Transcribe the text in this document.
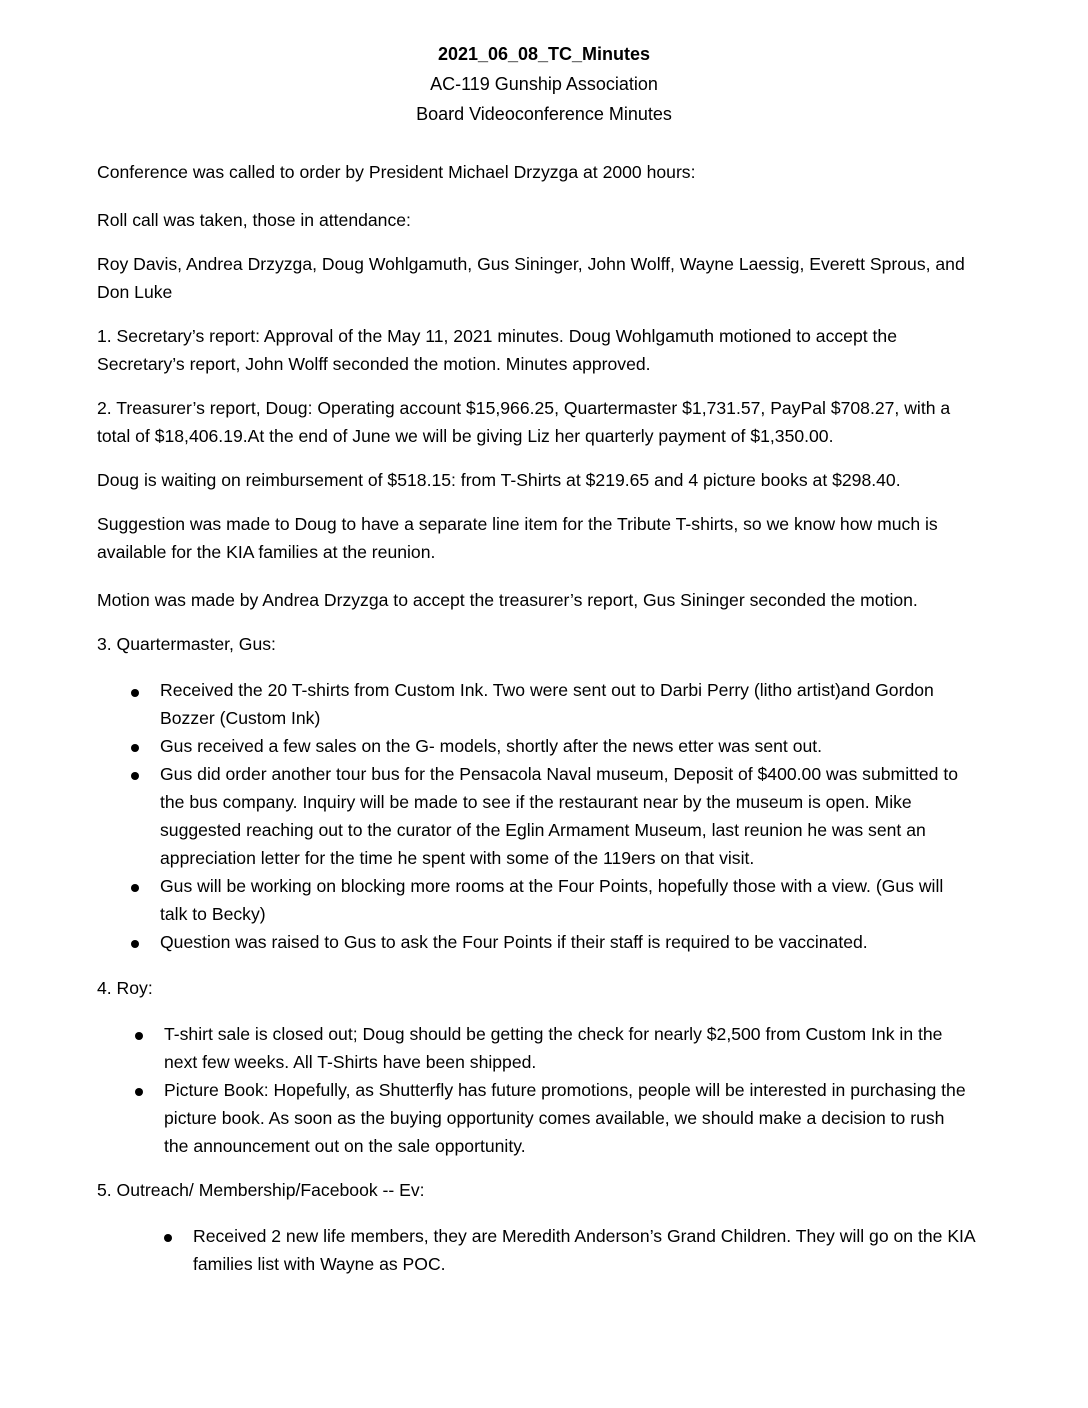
2021_06_08_TC_Minutes
AC-119 Gunship Association
Board Videoconference Minutes
Conference was called to order by President Michael Drzyzga at 2000 hours:
Roll call was taken, those in attendance:
Roy Davis, Andrea Drzyzga, Doug Wohlgamuth, Gus Sininger, John Wolff, Wayne Laessig, Everett Sprous, and
Don Luke
1. Secretary’s report: Approval of the May 11, 2021 minutes. Doug Wohlgamuth motioned to accept the
Secretary’s report, John Wolff seconded the motion. Minutes approved.
2. Treasurer’s report, Doug: Operating account $15,966.25, Quartermaster $1,731.57, PayPal $708.27, with a
total of $18,406.19.At the end of June we will be giving Liz her quarterly payment of $1,350.00.
Doug is waiting on reimbursement of $518.15: from T-Shirts at $219.65 and 4 picture books at $298.40.
Suggestion was made to Doug to have a separate line item for the Tribute T-shirts, so we know how much is
available for the KIA families at the reunion.
Motion was made by Andrea Drzyzga to accept the treasurer’s report, Gus Sininger seconded the motion.
3. Quartermaster, Gus:
Received the 20 T-shirts from Custom Ink. Two were sent out to Darbi Perry (litho artist)and Gordon
Bozzer (Custom Ink)
Gus received a few sales on the G- models, shortly after the news etter was sent out.
Gus did order another tour bus for the Pensacola Naval museum, Deposit of $400.00 was submitted to
the bus company. Inquiry will be made to see if the restaurant near by the museum is open. Mike
suggested reaching out to the curator of the Eglin Armament Museum, last reunion he was sent an
appreciation letter for the time he spent with some of the 119ers on that visit.
Gus will be working on blocking more rooms at the Four Points, hopefully those with a view. (Gus will
talk to Becky)
Question was raised to Gus to ask the Four Points if their staff is required to be vaccinated.
4. Roy:
T-shirt sale is closed out; Doug should be getting the check for nearly $2,500 from Custom Ink in the
next few weeks. All T-Shirts have been shipped.
Picture Book: Hopefully, as Shutterfly has future promotions, people will be interested in purchasing the
picture book. As soon as the buying opportunity comes available, we should make a decision to rush
the announcement out on the sale opportunity.
5. Outreach/ Membership/Facebook -- Ev:
Received 2 new life members, they are Meredith Anderson’s Grand Children. They will go on the KIA
families list with Wayne as POC.
